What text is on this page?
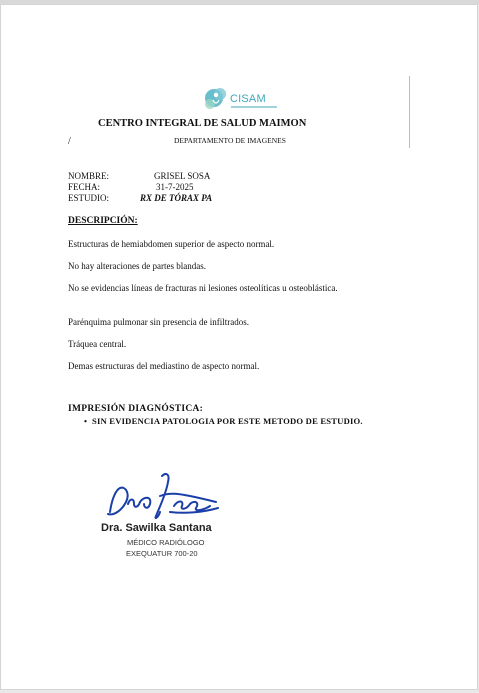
CISAM
CENTRO INTEGRAL DE SALUD MAIMON
/	DEPARTAMENTO DE IMAGENES
NOMBRE:	GRISEL SOSA
FECHA:	31-7-2025
ESTUDIO:	RX DE TÓRAX PA
DESCRIPCIÓN:
Estructuras de hemiabdomen superior de aspecto normal.
No hay alteraciones de partes blandas.
No se evidencias líneas de fracturas ni lesiones osteolíticas u osteoblástica.
Parénquima pulmonar sin presencia de infiltrados.
Tráquea central.
Demas estructuras del mediastino de aspecto normal.
IMPRESIÓN DIAGNÓSTICA:
• SIN EVIDENCIA PATOLOGIA POR ESTE METODO DE ESTUDIO.
Dra. Sawilka Santana
MÉDICO RADIÓLOGO
EXEQUATUR 700-20
